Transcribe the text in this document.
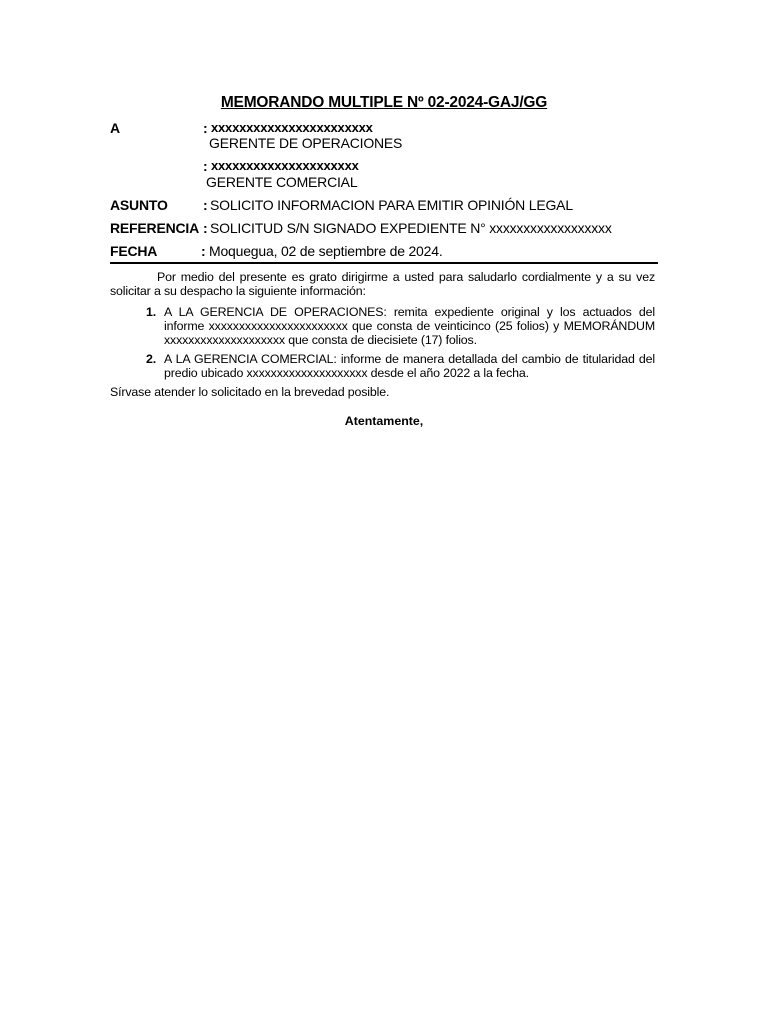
MEMORANDO MULTIPLE Nº 02-2024-GAJ/GG
A	: xxxxxxxxxxxxxxxxxxxxxxx
GERENTE DE OPERACIONES
: xxxxxxxxxxxxxxxxxxxxx
GERENTE COMERCIAL
ASUNTO	: SOLICITO INFORMACION PARA EMITIR OPINIÓN LEGAL
REFERENCIA : SOLICITUD S/N SIGNADO EXPEDIENTE N° xxxxxxxxxxxxxxxxxx
FECHA	: Moquegua, 02 de septiembre de 2024.
Por medio del presente es grato dirigirme a usted para saludarlo cordialmente y a su vez solicitar a su despacho la siguiente información:
1. A LA GERENCIA DE OPERACIONES: remita expediente original y los actuados del informe xxxxxxxxxxxxxxxxxxxxxxx que consta de veinticinco (25 folios) y MEMORÁNDUM xxxxxxxxxxxxxxxxxxxx que consta de diecisiete (17) folios.
2. A LA GERENCIA COMERCIAL: informe de manera detallada del cambio de titularidad del predio ubicado xxxxxxxxxxxxxxxxxxxx desde el año 2022 a la fecha.
Sírvase atender lo solicitado en la brevedad posible.
Atentamente,
